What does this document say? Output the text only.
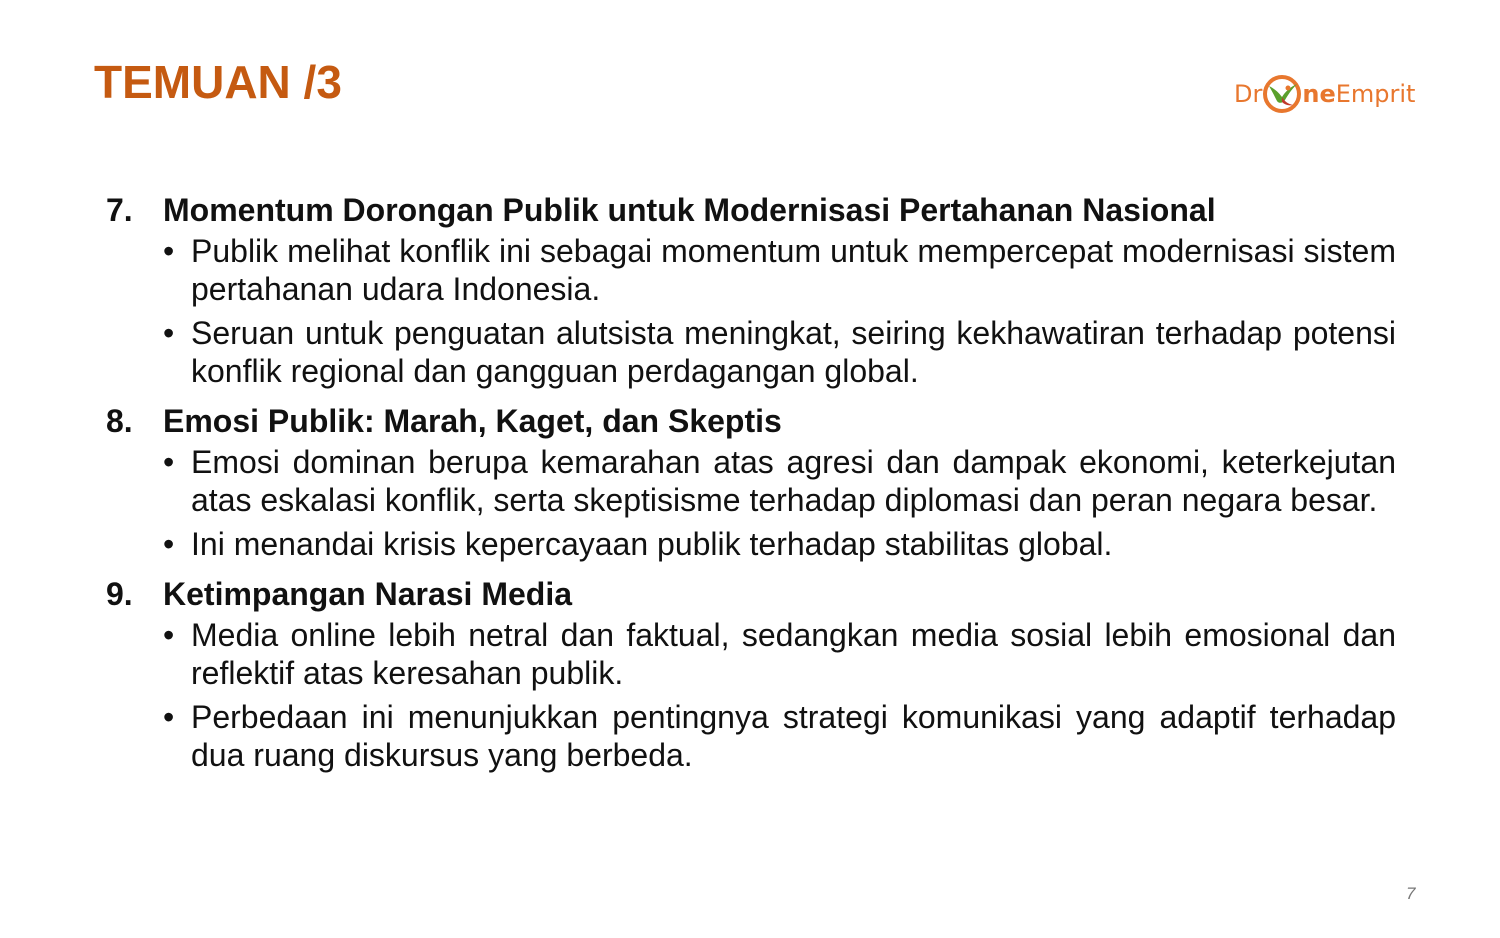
TEMUAN /3	Dr ne Emprit
7. Momentum Dorongan Publik untuk Modernisasi Pertahanan Nasional
• Publik melihat konflik ini sebagai momentum untuk mempercepat modernisasi sistem pertahanan udara Indonesia.
• Seruan untuk penguatan alutsista meningkat, seiring kekhawatiran terhadap potensi konflik regional dan gangguan perdagangan global.
8. Emosi Publik: Marah, Kaget, dan Skeptis
• Emosi dominan berupa kemarahan atas agresi dan dampak ekonomi, keterkejutan atas eskalasi konflik, serta skeptisisme terhadap diplomasi dan peran negara besar.
• Ini menandai krisis kepercayaan publik terhadap stabilitas global.
9. Ketimpangan Narasi Media
• Media online lebih netral dan faktual, sedangkan media sosial lebih emosional dan reflektif atas keresahan publik.
• Perbedaan ini menunjukkan pentingnya strategi komunikasi yang adaptif terhadap dua ruang diskursus yang berbeda.
7
